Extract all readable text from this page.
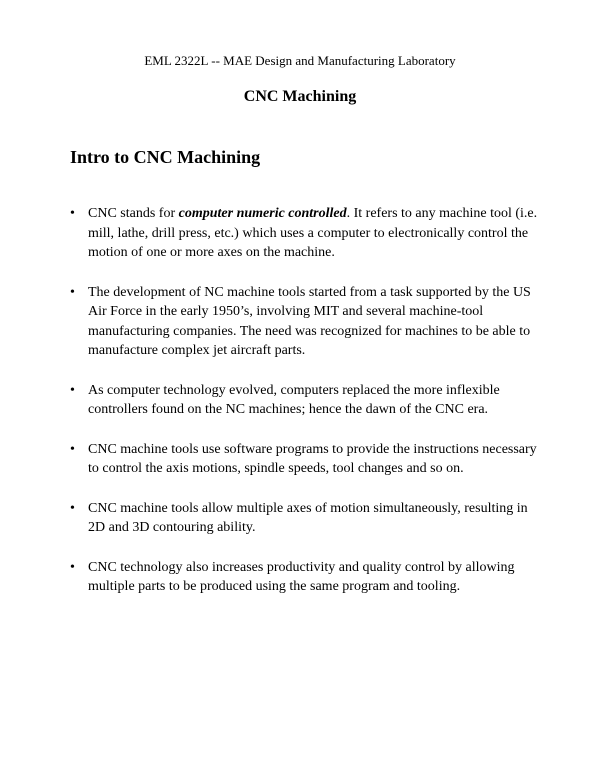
EML 2322L -- MAE Design and Manufacturing Laboratory
CNC Machining
Intro to CNC Machining
• CNC stands for computer numeric controlled. It refers to any machine tool (i.e. mill, lathe, drill press, etc.) which uses a computer to electronically control the motion of one or more axes on the machine.
• The development of NC machine tools started from a task supported by the US Air Force in the early 1950’s, involving MIT and several machine-tool manufacturing companies. The need was recognized for machines to be able to manufacture complex jet aircraft parts.
• As computer technology evolved, computers replaced the more inflexible controllers found on the NC machines; hence the dawn of the CNC era.
• CNC machine tools use software programs to provide the instructions necessary to control the axis motions, spindle speeds, tool changes and so on.
• CNC machine tools allow multiple axes of motion simultaneously, resulting in 2D and 3D contouring ability.
• CNC technology also increases productivity and quality control by allowing multiple parts to be produced using the same program and tooling.
